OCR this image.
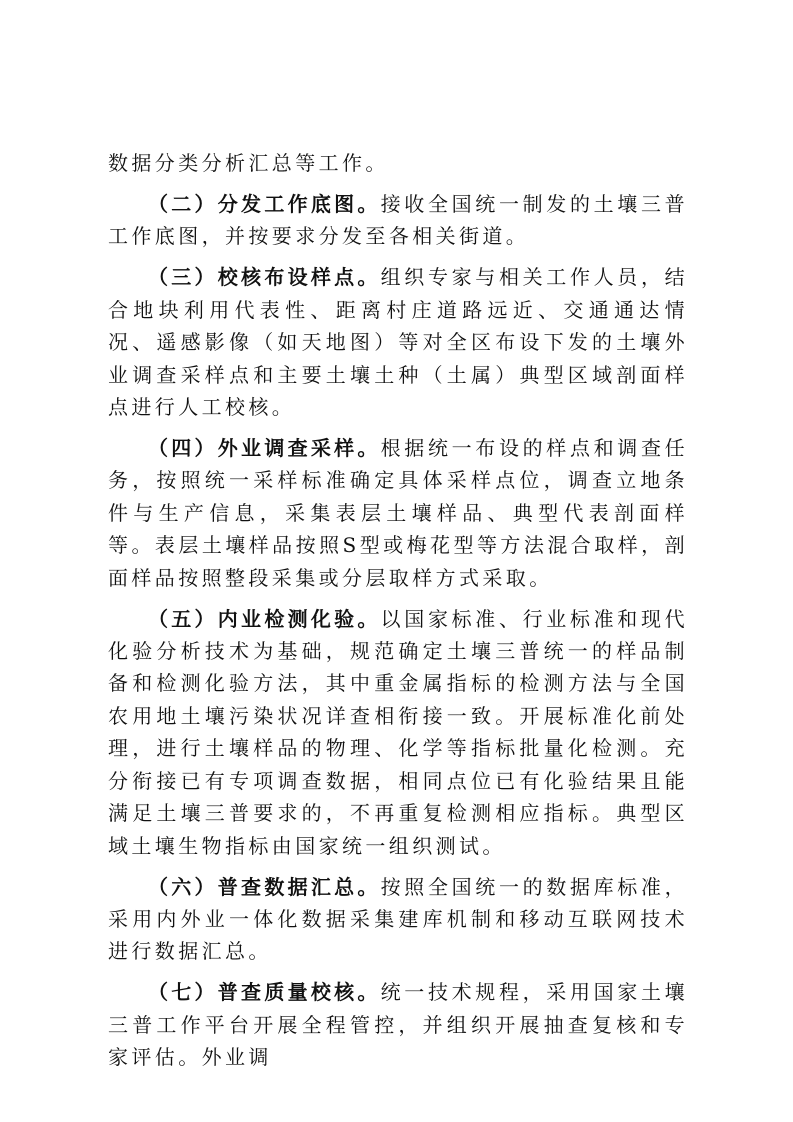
数据分类分析汇总等工作。

（二）分发工作底图。接收全国统一制发的土壤三普工作底图，并按要求分发至各相关街道。

（三）校核布设样点。组织专家与相关工作人员，结合地块利用代表性、距离村庄道路远近、交通通达情况、遥感影像（如天地图）等对全区布设下发的土壤外业调查采样点和主要土壤土种（土属）典型区域剖面样点进行人工校核。

（四）外业调查采样。根据统一布设的样点和调查任务，按照统一采样标准确定具体采样点位，调查立地条件与生产信息，采集表层土壤样品、典型代表剖面样等。表层土壤样品按照S型或梅花型等方法混合取样，剖面样品按照整段采集或分层取样方式采取。

（五）内业检测化验。以国家标准、行业标准和现代化验分析技术为基础，规范确定土壤三普统一的样品制备和检测化验方法，其中重金属指标的检测方法与全国农用地土壤污染状况详查相衔接一致。开展标准化前处理，进行土壤样品的物理、化学等指标批量化检测。充分衔接已有专项调查数据，相同点位已有化验结果且能满足土壤三普要求的，不再重复检测相应指标。典型区域土壤生物指标由国家统一组织测试。

（六）普查数据汇总。按照全国统一的数据库标准，采用内外业一体化数据采集建库机制和移动互联网技术进行数据汇总。

（七）普查质量校核。统一技术规程，采用国家土壤三普工作平台开展全程管控，并组织开展抽查复核和专家评估。外业调
